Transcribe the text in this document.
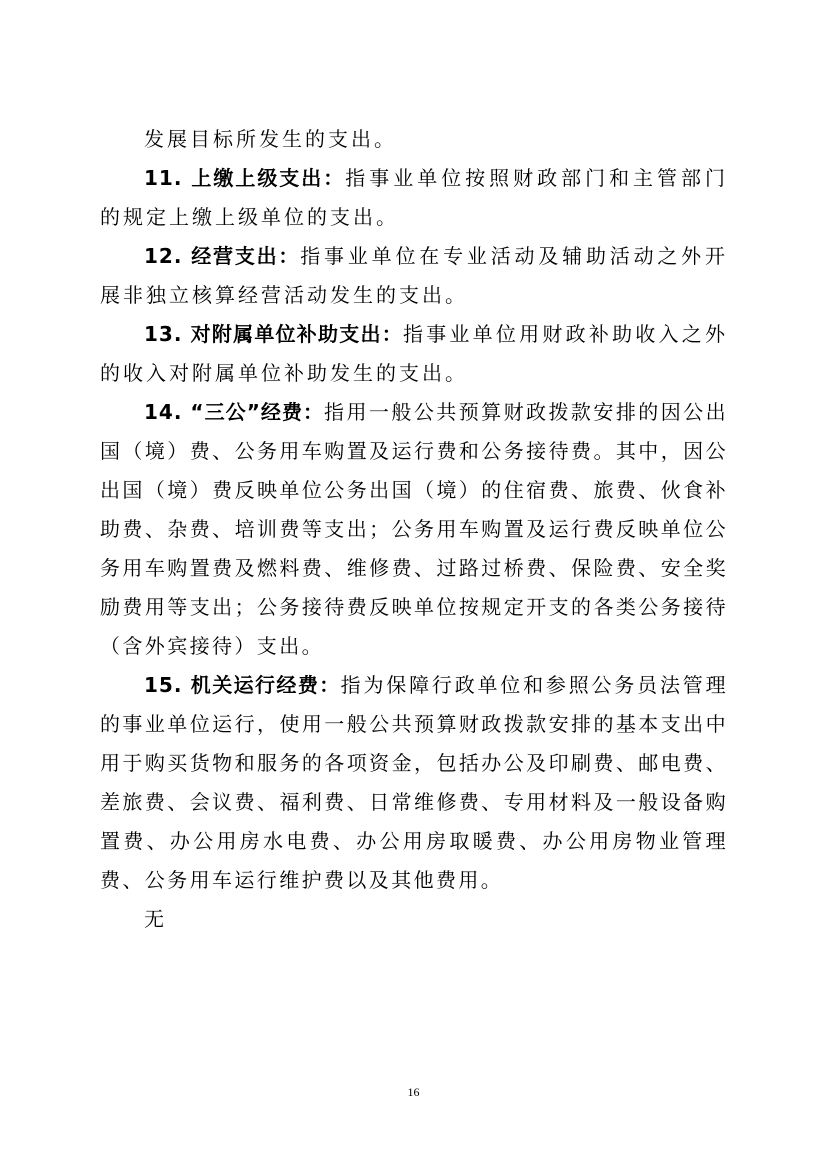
发展目标所发生的支出。

11. 上缴上级支出：指事业单位按照财政部门和主管部门的规定上缴上级单位的支出。

12. 经营支出：指事业单位在专业活动及辅助活动之外开展非独立核算经营活动发生的支出。

13. 对附属单位补助支出：指事业单位用财政补助收入之外的收入对附属单位补助发生的支出。

14. “三公”经费：指用一般公共预算财政拨款安排的因公出国（境）费、公务用车购置及运行费和公务接待费。其中，因公出国（境）费反映单位公务出国（境）的住宿费、旅费、伙食补助费、杂费、培训费等支出；公务用车购置及运行费反映单位公务用车购置费及燃料费、维修费、过路过桥费、保险费、安全奖励费用等支出；公务接待费反映单位按规定开支的各类公务接待（含外宾接待）支出。

15. 机关运行经费：指为保障行政单位和参照公务员法管理的事业单位运行，使用一般公共预算财政拨款安排的基本支出中用于购买货物和服务的各项资金，包括办公及印刷费、邮电费、差旅费、会议费、福利费、日常维修费、专用材料及一般设备购置费、办公用房水电费、办公用房取暖费、办公用房物业管理费、公务用车运行维护费以及其他费用。

无

16
